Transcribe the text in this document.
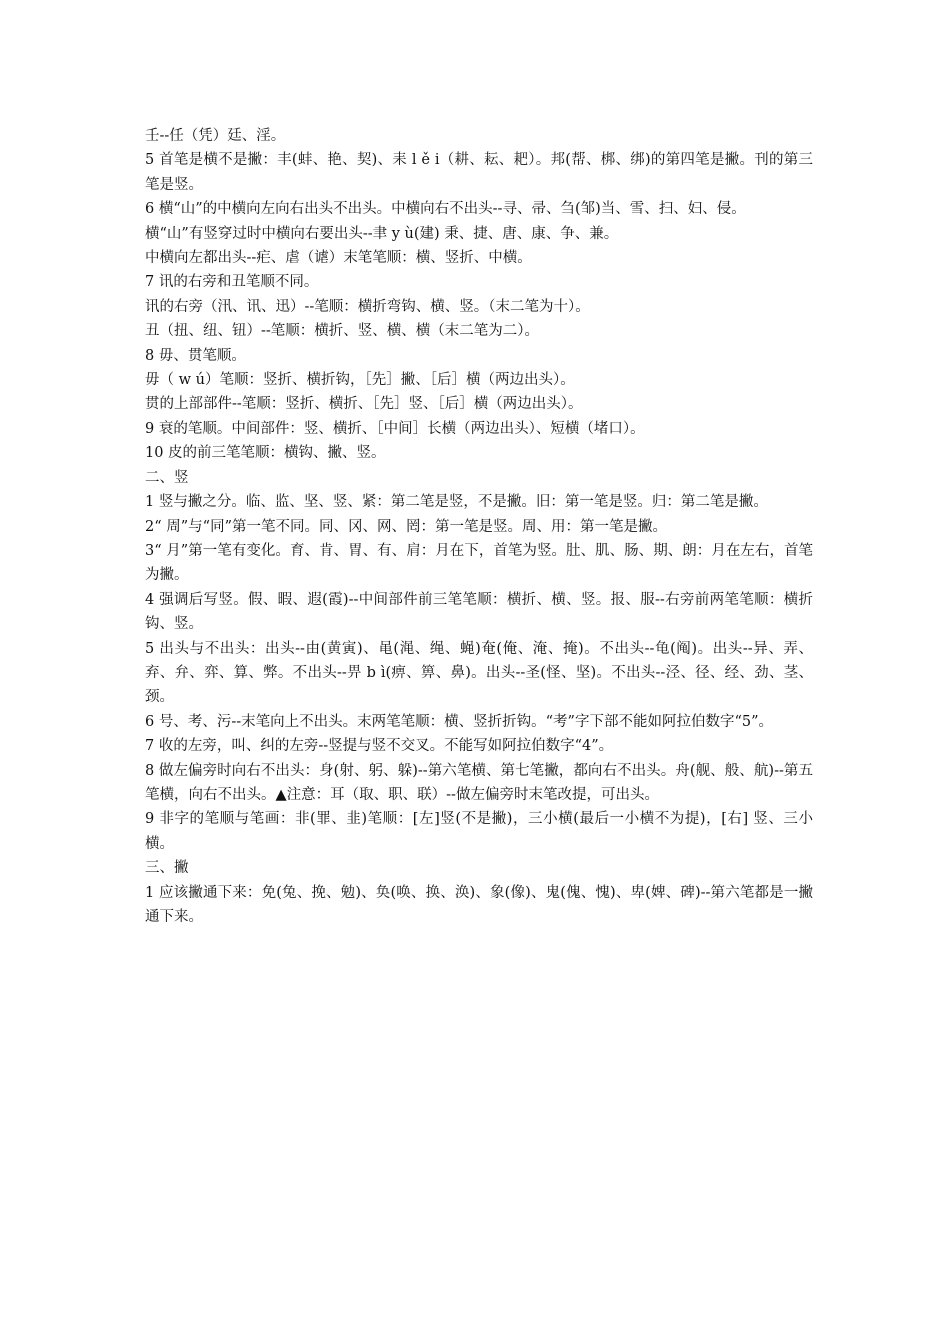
壬--任（凭）廷、淫。

5 首笔是横不是撇：丰(蚌、艳、契)、耒 l ě i（耕、耘、耙）。邦(帮、梆、绑)的第四笔是撇。刊的第三笔是竖。

6 横“山”的中横向左向右出头不出头。中横向右不出头--寻、帚、刍(邹)当、雪、扫、妇、侵。

横“山”有竖穿过时中横向右要出头--聿 y ù(建) 秉、捷、唐、康、争、兼。

中横向左都出头--疟、虐（谑）末笔笔顺：横、竖折、中横。

7 讯的右旁和丑笔顺不同。

讯的右旁（汛、讯、迅）--笔顺：横折弯钩、横、竖。（末二笔为十）。

丑（扭、纽、钮）--笔顺：横折、竖、横、横（末二笔为二）。

8 毋、贯笔顺。

毋（ w ú）笔顺：竖折、横折钩，［先］撇、［后］横（两边出头）。

贯的上部部件--笔顺：竖折、横折、［先］竖、［后］横（两边出头）。

9 衰的笔顺。中间部件：竖、横折、［中间］长横（两边出头）、短横（堵口）。

10 皮的前三笔笔顺：横钩、撇、竖。

二、竖

1 竖与撇之分。临、监、坚、竖、紧：第二笔是竖，不是撇。旧：第一笔是竖。归：第二笔是撇。

2“ 周”与“同”第一笔不同。同、冈、网、罔：第一笔是竖。周、用：第一笔是撇。

3“ 月”第一笔有变化。育、肯、胃、有、肩：月在下，首笔为竖。肚、肌、肠、期、朗：月在左右，首笔为撇。

4 强调后写竖。假、暇、遐(霞)--中间部件前三笔笔顺：横折、横、竖。报、服--右旁前两笔笔顺：横折钩、竖。

5 出头与不出头：出头--由(黄寅)、黾(渑、绳、蝇)奄(俺、淹、掩)。不出头--龟(阄)。出头--异、弄、弃、弁、弈、算、弊。不出头--畀 b ì(痹、箅、鼻)。出头--圣(怪、坚)。不出头--泾、径、经、劲、茎、颈。

6 号、考、污--末笔向上不出头。末两笔笔顺：横、竖折折钩。“考”字下部不能如阿拉伯数字“5”。

7 收的左旁，叫、纠的左旁--竖提与竖不交叉。不能写如阿拉伯数字“4”。

8 做左偏旁时向右不出头：身(射、躬、躲)--第六笔横、第七笔撇，都向右不出头。舟(舰、般、航)--第五笔横，向右不出头。▲注意：耳（取、职、联）--做左偏旁时末笔改提，可出头。

9 非字的笔顺与笔画：非(罪、韭)笔顺：[左]竖(不是撇)，三小横(最后一小横不为提)，[右] 竖、三小横。

三、撇

1 应该撇通下来：免(兔、挽、勉)、奂(唤、换、涣)、象(像)、鬼(傀、愧)、卑(婢、碑)--第六笔都是一撇通下来。
